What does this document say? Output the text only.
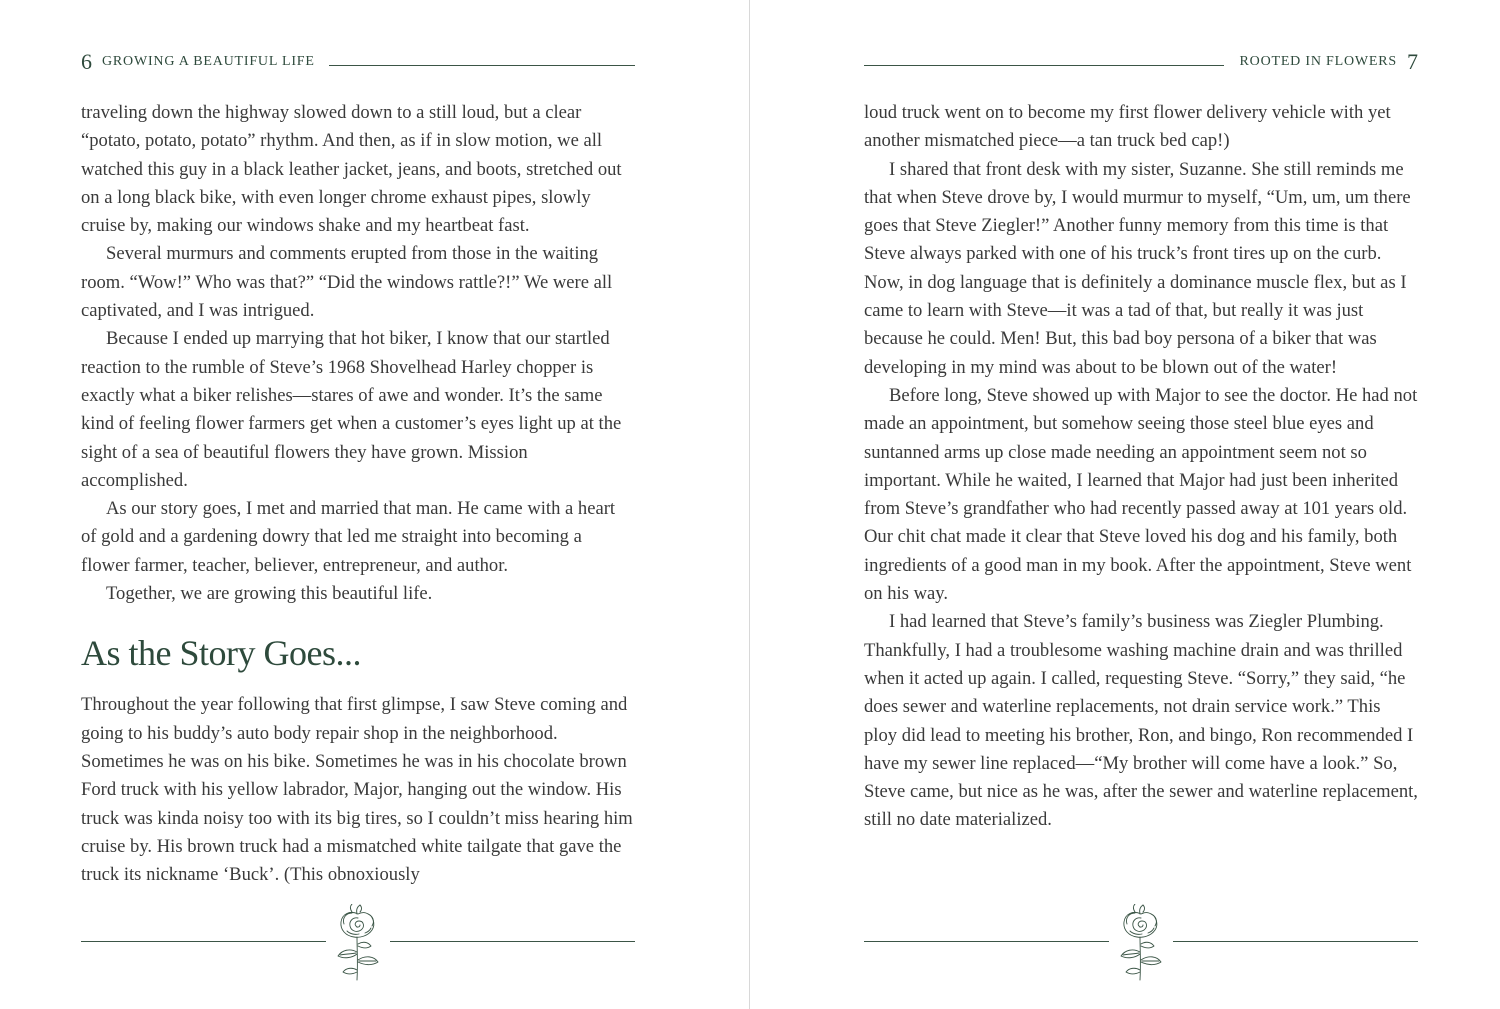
6 GROWING A BEAUTIFUL LIFE

traveling down the highway slowed down to a still loud, but a clear “potato, potato, potato” rhythm. And then, as if in slow motion, we all watched this guy in a black leather jacket, jeans, and boots, stretched out on a long black bike, with even longer chrome exhaust pipes, slowly cruise by, making our windows shake and my heartbeat fast.

Several murmurs and comments erupted from those in the waiting room. “Wow!” Who was that?” “Did the windows rattle?!” We were all captivated, and I was intrigued.

Because I ended up marrying that hot biker, I know that our startled reaction to the rumble of Steve’s 1968 Shovelhead Harley chopper is exactly what a biker relishes—stares of awe and wonder. It’s the same kind of feeling flower farmers get when a customer’s eyes light up at the sight of a sea of beautiful flowers they have grown. Mission accomplished.

As our story goes, I met and married that man. He came with a heart of gold and a gardening dowry that led me straight into becoming a flower farmer, teacher, believer, entrepreneur, and author.

Together, we are growing this beautiful life.

As the Story Goes...

Throughout the year following that first glimpse, I saw Steve coming and going to his buddy’s auto body repair shop in the neighborhood. Sometimes he was on his bike. Sometimes he was in his chocolate brown Ford truck with his yellow labrador, Major, hanging out the window. His truck was kinda noisy too with its big tires, so I couldn’t miss hearing him cruise by. His brown truck had a mismatched white tailgate that gave the truck its nickname ‘Buck’. (This obnoxiously

ROOTED IN FLOWERS 7

loud truck went on to become my first flower delivery vehicle with yet another mismatched piece—a tan truck bed cap!)

I shared that front desk with my sister, Suzanne. She still reminds me that when Steve drove by, I would murmur to myself, “Um, um, um there goes that Steve Ziegler!” Another funny memory from this time is that Steve always parked with one of his truck’s front tires up on the curb. Now, in dog language that is definitely a dominance muscle flex, but as I came to learn with Steve—it was a tad of that, but really it was just because he could. Men! But, this bad boy persona of a biker that was developing in my mind was about to be blown out of the water!

Before long, Steve showed up with Major to see the doctor. He had not made an appointment, but somehow seeing those steel blue eyes and suntanned arms up close made needing an appointment seem not so important. While he waited, I learned that Major had just been inherited from Steve’s grandfather who had recently passed away at 101 years old. Our chit chat made it clear that Steve loved his dog and his family, both ingredients of a good man in my book. After the appointment, Steve went on his way.

I had learned that Steve’s family’s business was Ziegler Plumbing. Thankfully, I had a troublesome washing machine drain and was thrilled when it acted up again. I called, requesting Steve. “Sorry,” they said, “he does sewer and waterline replacements, not drain service work.” This ploy did lead to meeting his brother, Ron, and bingo, Ron recommended I have my sewer line replaced—“My brother will come have a look.” So, Steve came, but nice as he was, after the sewer and waterline replacement, still no date materialized.
